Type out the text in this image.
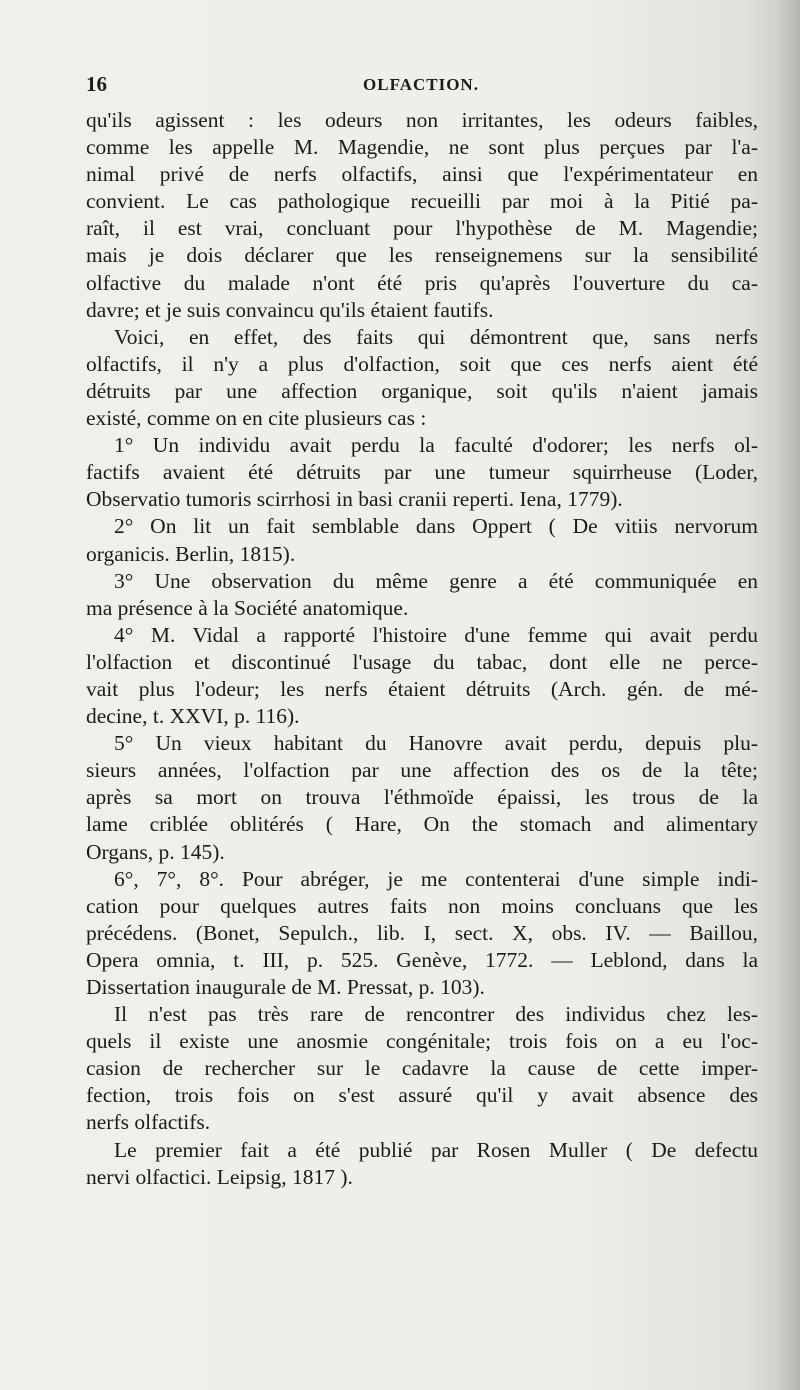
16	OLFACTION.

qu'ils agissent : les odeurs non irritantes, les odeurs faibles,
comme les appelle M. Magendie, ne sont plus perçues par l'a-
nimal privé de nerfs olfactifs, ainsi que l'expérimentateur en
convient. Le cas pathologique recueilli par moi à la Pitié pa-
raît, il est vrai, concluant pour l'hypothèse de M. Magendie;
mais je dois déclarer que les renseignemens sur la sensibilité
olfactive du malade n'ont été pris qu'après l'ouverture du ca-
davre; et je suis convaincu qu'ils étaient fautifs.

Voici, en effet, des faits qui démontrent que, sans nerfs
olfactifs, il n'y a plus d'olfaction, soit que ces nerfs aient été
détruits par une affection organique, soit qu'ils n'aient jamais
existé, comme on en cite plusieurs cas :

1° Un individu avait perdu la faculté d'odorer; les nerfs ol-
factifs avaient été détruits par une tumeur squirrheuse (Loder,
Observatio tumoris scirrhosi in basi cranii reperti. Iena, 1779).

2° On lit un fait semblable dans Oppert ( De vitiis nervorum
organicis. Berlin, 1815).

3° Une observation du même genre a été communiquée en
ma présence à la Société anatomique.

4° M. Vidal a rapporté l'histoire d'une femme qui avait perdu
l'olfaction et discontinué l'usage du tabac, dont elle ne perce-
vait plus l'odeur; les nerfs étaient détruits (Arch. gén. de mé-
decine, t. XXVI, p. 116).

5° Un vieux habitant du Hanovre avait perdu, depuis plu-
sieurs années, l'olfaction par une affection des os de la tête;
après sa mort on trouva l'éthmoïde épaissi, les trous de la
lame criblée oblitérés ( Hare, On the stomach and alimentary
Organs, p. 145).

6°, 7°, 8°. Pour abréger, je me contenterai d'une simple indi-
cation pour quelques autres faits non moins concluans que les
précédens. (Bonet, Sepulch., lib. I, sect. X, obs. IV. — Baillou,
Opera omnia, t. III, p. 525. Genève, 1772. — Leblond, dans la
Dissertation inaugurale de M. Pressat, p. 103).

Il n'est pas très rare de rencontrer des individus chez les-
quels il existe une anosmie congénitale; trois fois on a eu l'oc-
casion de rechercher sur le cadavre la cause de cette imper-
fection, trois fois on s'est assuré qu'il y avait absence des
nerfs olfactifs.

Le premier fait a été publié par Rosen Muller ( De defectu
nervi olfactici. Leipsig, 1817 ).
